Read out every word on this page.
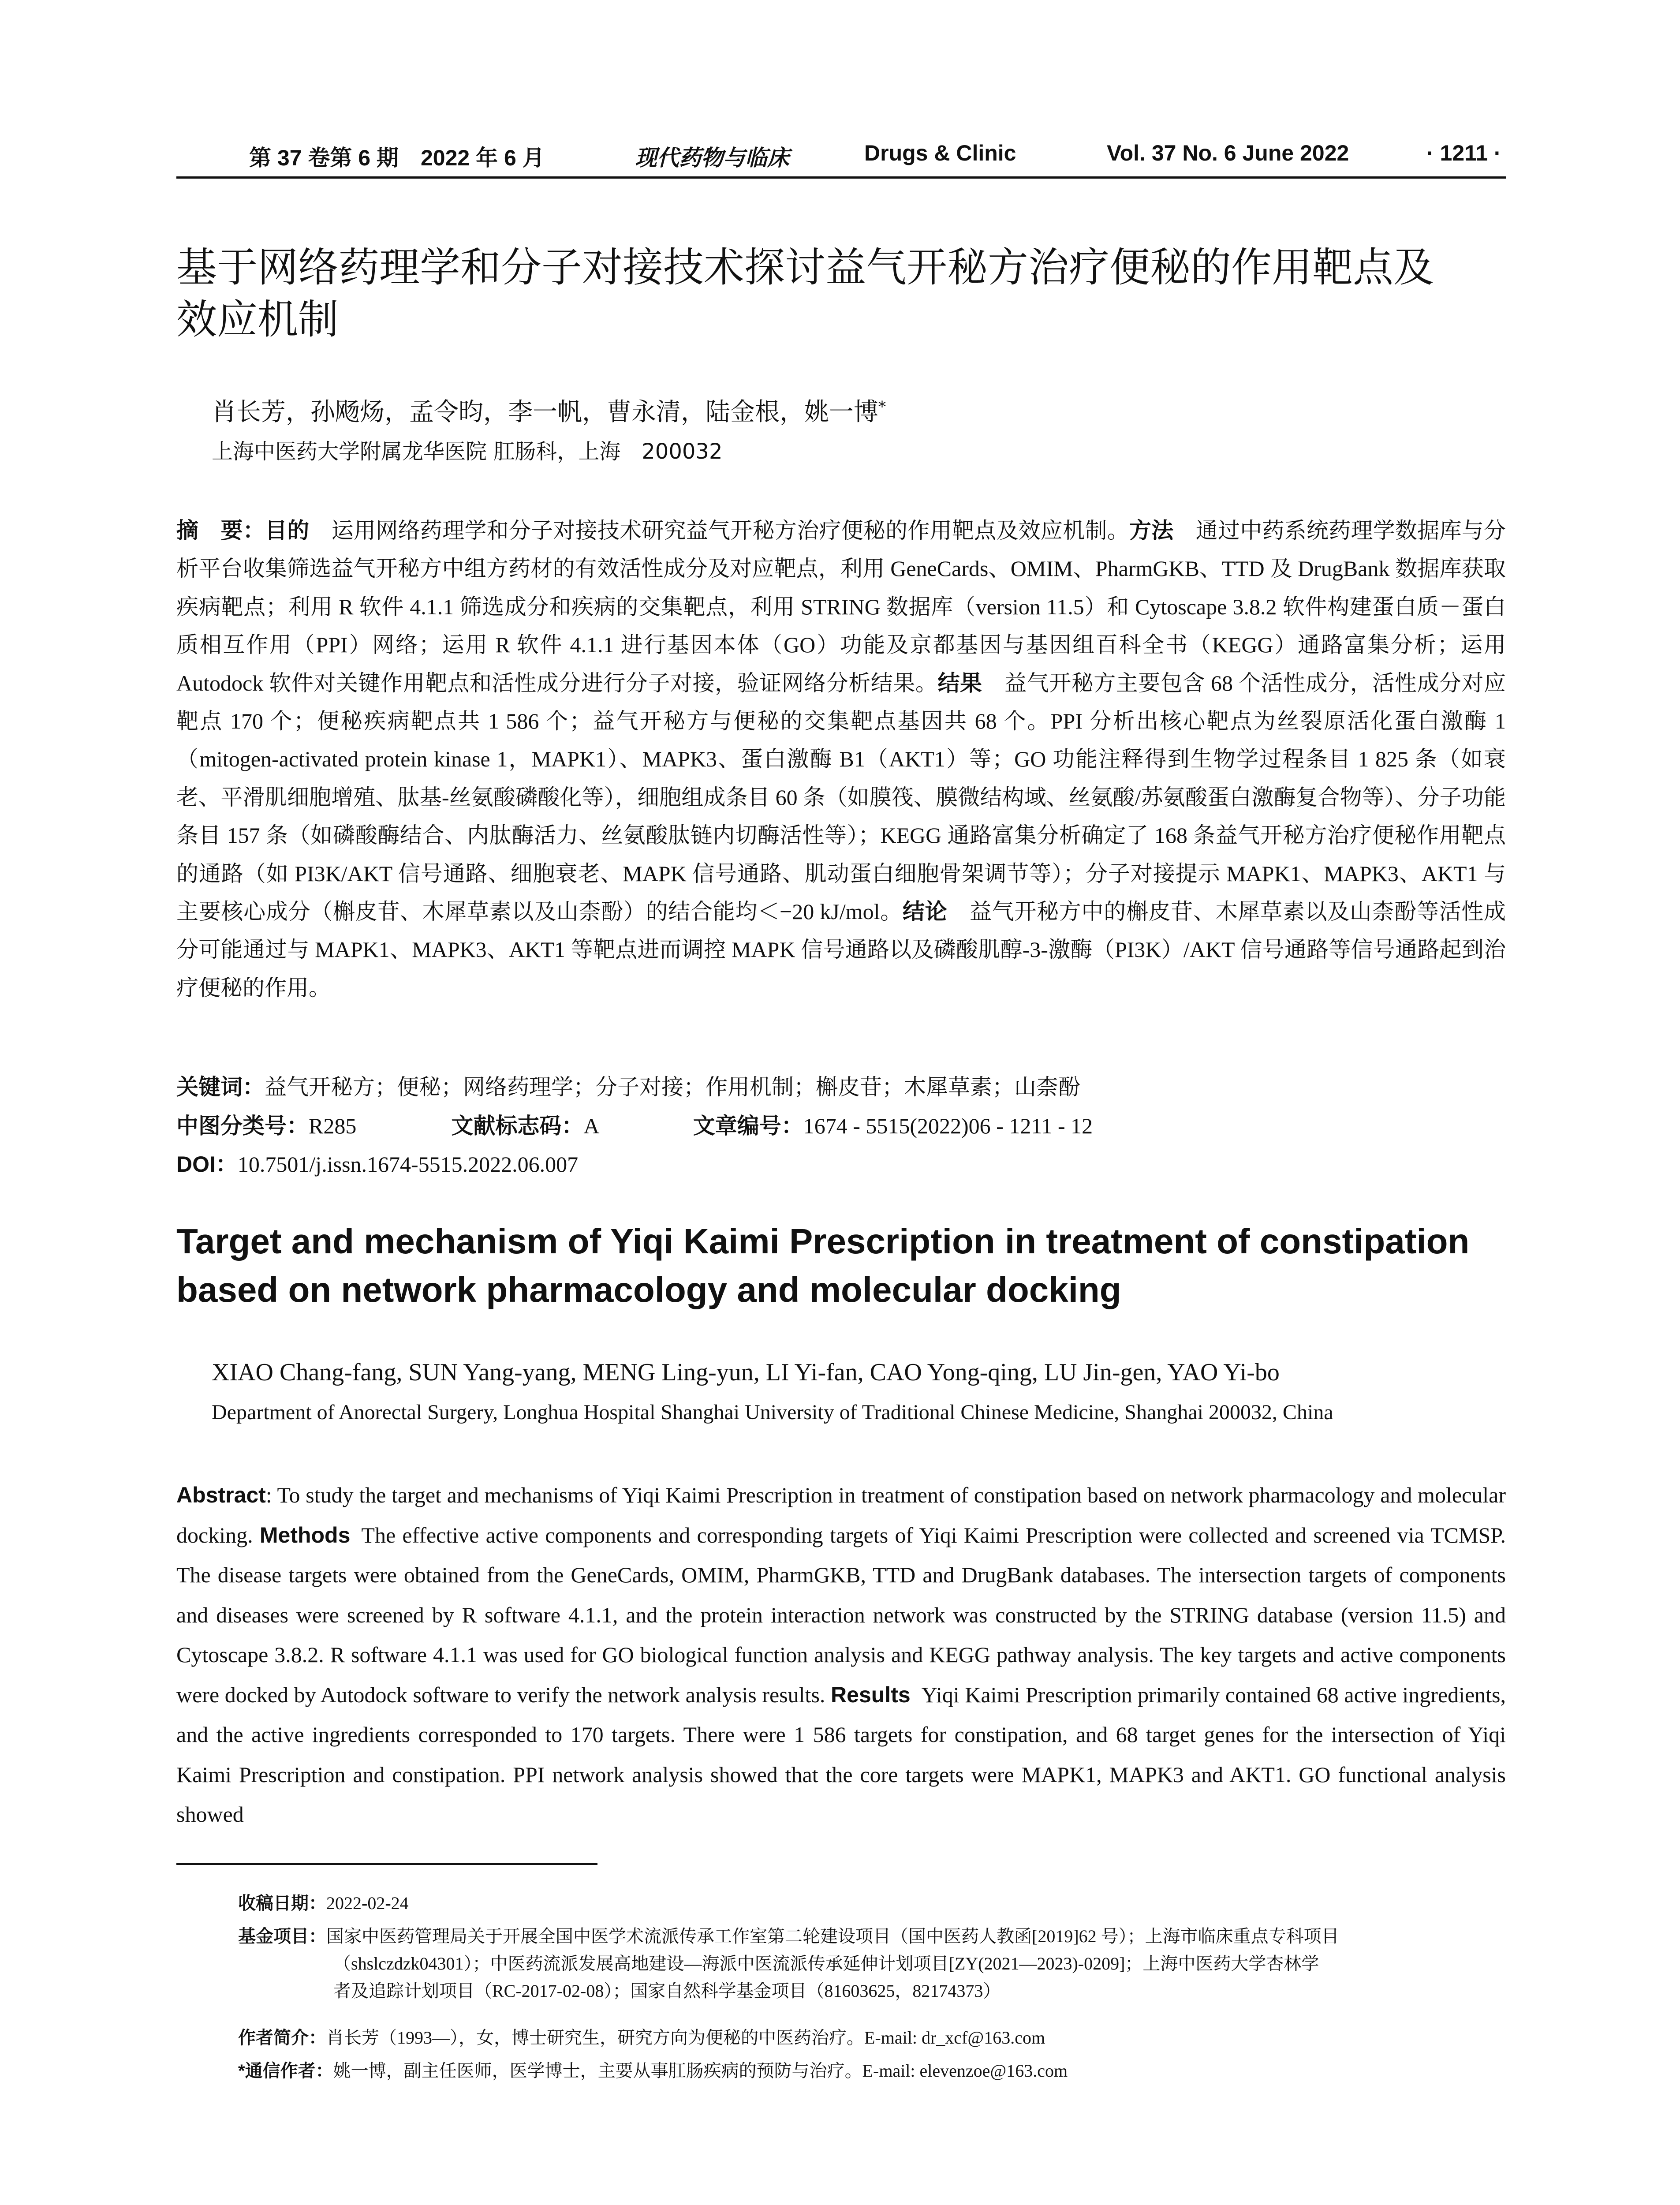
第 37 卷第 6 期　2022 年 6 月	现代药物与临床	Drugs & Clinic	Vol. 37 No. 6 June 2022	· 1211 ·
基于网络药理学和分子对接技术探讨益气开秘方治疗便秘的作用靶点及
效应机制
肖长芳，孙飏炀，孟令昀，李一帆，曹永清，陆金根，姚一博*
上海中医药大学附属龙华医院 肛肠科，上海　200032
摘　要：目的  运用网络药理学和分子对接技术研究益气开秘方治疗便秘的作用靶点及效应机制。方法  通过中药系统药理学数据库与分析平台收集筛选益气开秘方中组方药材的有效活性成分及对应靶点，利用 GeneCards、OMIM、PharmGKB、TTD 及 DrugBank 数据库获取疾病靶点；利用 R 软件 4.1.1 筛选成分和疾病的交集靶点，利用 STRING 数据库（version 11.5）和 Cytoscape 3.8.2 软件构建蛋白质－蛋白质相互作用（PPI）网络；运用 R 软件 4.1.1 进行基因本体（GO）功能及京都基因与基因组百科全书（KEGG）通路富集分析；运用 Autodock 软件对关键作用靶点和活性成分进行分子对接，验证网络分析结果。结果  益气开秘方主要包含 68 个活性成分，活性成分对应靶点 170 个；便秘疾病靶点共 1 586 个；益气开秘方与便秘的交集靶点基因共 68 个。PPI 分析出核心靶点为丝裂原活化蛋白激酶 1（mitogen-activated protein kinase 1，MAPK1）、MAPK3、蛋白激酶 B1（AKT1）等；GO 功能注释得到生物学过程条目 1 825 条（如衰老、平滑肌细胞增殖、肽基-丝氨酸磷酸化等），细胞组成条目 60 条（如膜筏、膜微结构域、丝氨酸/苏氨酸蛋白激酶复合物等）、分子功能条目 157 条（如磷酸酶结合、内肽酶活力、丝氨酸肽链内切酶活性等）；KEGG 通路富集分析确定了 168 条益气开秘方治疗便秘作用靶点的通路（如 PI3K/AKT 信号通路、细胞衰老、MAPK 信号通路、肌动蛋白细胞骨架调节等）；分子对接提示 MAPK1、MAPK3、AKT1 与主要核心成分（槲皮苷、木犀草素以及山柰酚）的结合能均＜−20 kJ/mol。结论  益气开秘方中的槲皮苷、木犀草素以及山柰酚等活性成分可能通过与 MAPK1、MAPK3、AKT1 等靶点进而调控 MAPK 信号通路以及磷酸肌醇-3-激酶（PI3K）/AKT 信号通路等信号通路起到治疗便秘的作用。
关键词：益气开秘方；便秘；网络药理学；分子对接；作用机制；槲皮苷；木犀草素；山柰酚
中图分类号：R285	文献标志码：A	文章编号：1674 - 5515(2022)06 - 1211 - 12
DOI：10.7501/j.issn.1674-5515.2022.06.007
Target and mechanism of Yiqi Kaimi Prescription in treatment of constipation
based on network pharmacology and molecular docking
XIAO Chang-fang, SUN Yang-yang, MENG Ling-yun, LI Yi-fan, CAO Yong-qing, LU Jin-gen, YAO Yi-bo
Department of Anorectal Surgery, Longhua Hospital Shanghai University of Traditional Chinese Medicine, Shanghai 200032, China
Abstract: To study the target and mechanisms of Yiqi Kaimi Prescription in treatment of constipation based on network pharmacology and molecular docking. Methods  The effective active components and corresponding targets of Yiqi Kaimi Prescription were collected and screened via TCMSP. The disease targets were obtained from the GeneCards, OMIM, PharmGKB, TTD and DrugBank databases. The intersection targets of components and diseases were screened by R software 4.1.1, and the protein interaction network was constructed by the STRING database (version 11.5) and Cytoscape 3.8.2. R software 4.1.1 was used for GO biological function analysis and KEGG pathway analysis. The key targets and active components were docked by Autodock software to verify the network analysis results. Results  Yiqi Kaimi Prescription primarily contained 68 active ingredients, and the active ingredients corresponded to 170 targets. There were 1 586 targets for constipation, and 68 target genes for the intersection of Yiqi Kaimi Prescription and constipation. PPI network analysis showed that the core targets were MAPK1, MAPK3 and AKT1. GO functional analysis showed
收稿日期：2022-02-24
基金项目：国家中医药管理局关于开展全国中医学术流派传承工作室第二轮建设项目（国中医药人教函[2019]62 号）；上海市临床重点专科项目
（shslczdzk04301）；中医药流派发展高地建设—海派中医流派传承延伸计划项目[ZY(2021—2023)-0209]；上海中医药大学杏林学
者及追踪计划项目（RC-2017-02-08）；国家自然科学基金项目（81603625，82174373）
作者简介：肖长芳（1993—），女，博士研究生，研究方向为便秘的中医药治疗。E-mail: dr_xcf@163.com
*通信作者：姚一博，副主任医师，医学博士，主要从事肛肠疾病的预防与治疗。E-mail: elevenzoe@163.com
